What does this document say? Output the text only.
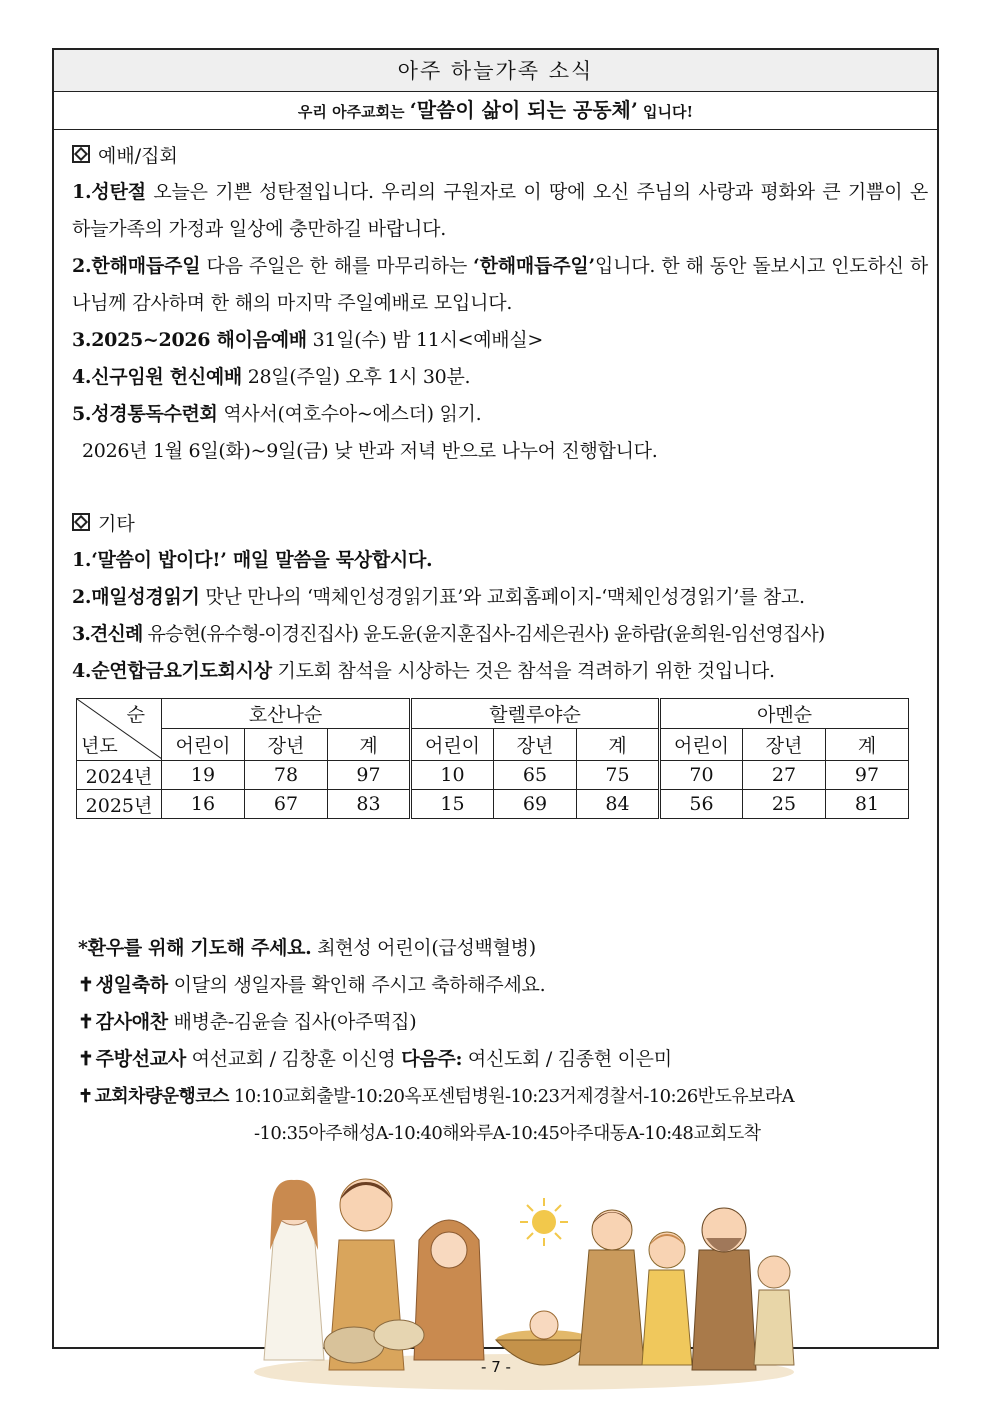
아주 하늘가족 소식
우리 아주교회는 ‘말씀이 삶이 되는 공동체’ 입니다!
예배/집회
1.성탄절 오늘은 기쁜 성탄절입니다. 우리의 구원자로 이 땅에 오신 주님의 사랑과 평화와 큰 기쁨이 온 하늘가족의 가정과 일상에 충만하길 바랍니다.
2.한해매듭주일 다음 주일은 한 해를 마무리하는 ‘한해매듭주일’입니다. 한 해 동안 돌보시고 인도하신 하나님께 감사하며 한 해의 마지막 주일예배로 모입니다.
3.2025~2026 해이음예배 31일(수) 밤 11시<예배실>
4.신구임원 헌신예배 28일(주일) 오후 1시 30분.
5.성경통독수련회 역사서(여호수아~에스더) 읽기.
2026년 1월 6일(화)~9일(금) 낮 반과 저녁 반으로 나누어 진행합니다.
기타
1.‘말씀이 밥이다!’ 매일 말씀을 묵상합시다.
2.매일성경읽기 맛난 만나의 ‘맥체인성경읽기표’와 교회홈페이지-‘맥체인성경읽기’를 참고.
3.견신례 유승현(유수형-이경진집사) 윤도윤(윤지훈집사-김세은권사) 윤하람(윤희원-임선영집사)
4.순연합금요기도회시상 기도회 참석을 시상하는 것은 참석을 격려하기 위한 것입니다.
순
년도	호산나순			할렐루야순			아멘순		
	어린이	장년	계	어린이	장년	계	어린이	장년	계
2024년	19	78	97	10	65	75	70	27	97
2025년	16	67	83	15	69	84	56	25	81
*환우를 위해 기도해 주세요. 최현성 어린이(급성백혈병)
✝ 생일축하 이달의 생일자를 확인해 주시고 축하해주세요.
✝ 감사애찬 배병춘-김윤슬 집사(아주떡집)
✝ 주방선교사 여선교회 / 김창훈 이신영 다음주: 여신도회 / 김종현 이은미
✝ 교회차량운행코스 10:10교회출발-10:20옥포센텀병원-10:23거제경찰서-10:26반도유보라A
-10:35아주해성A-10:40해와루A-10:45아주대동A-10:48교회도착
- 7 -
